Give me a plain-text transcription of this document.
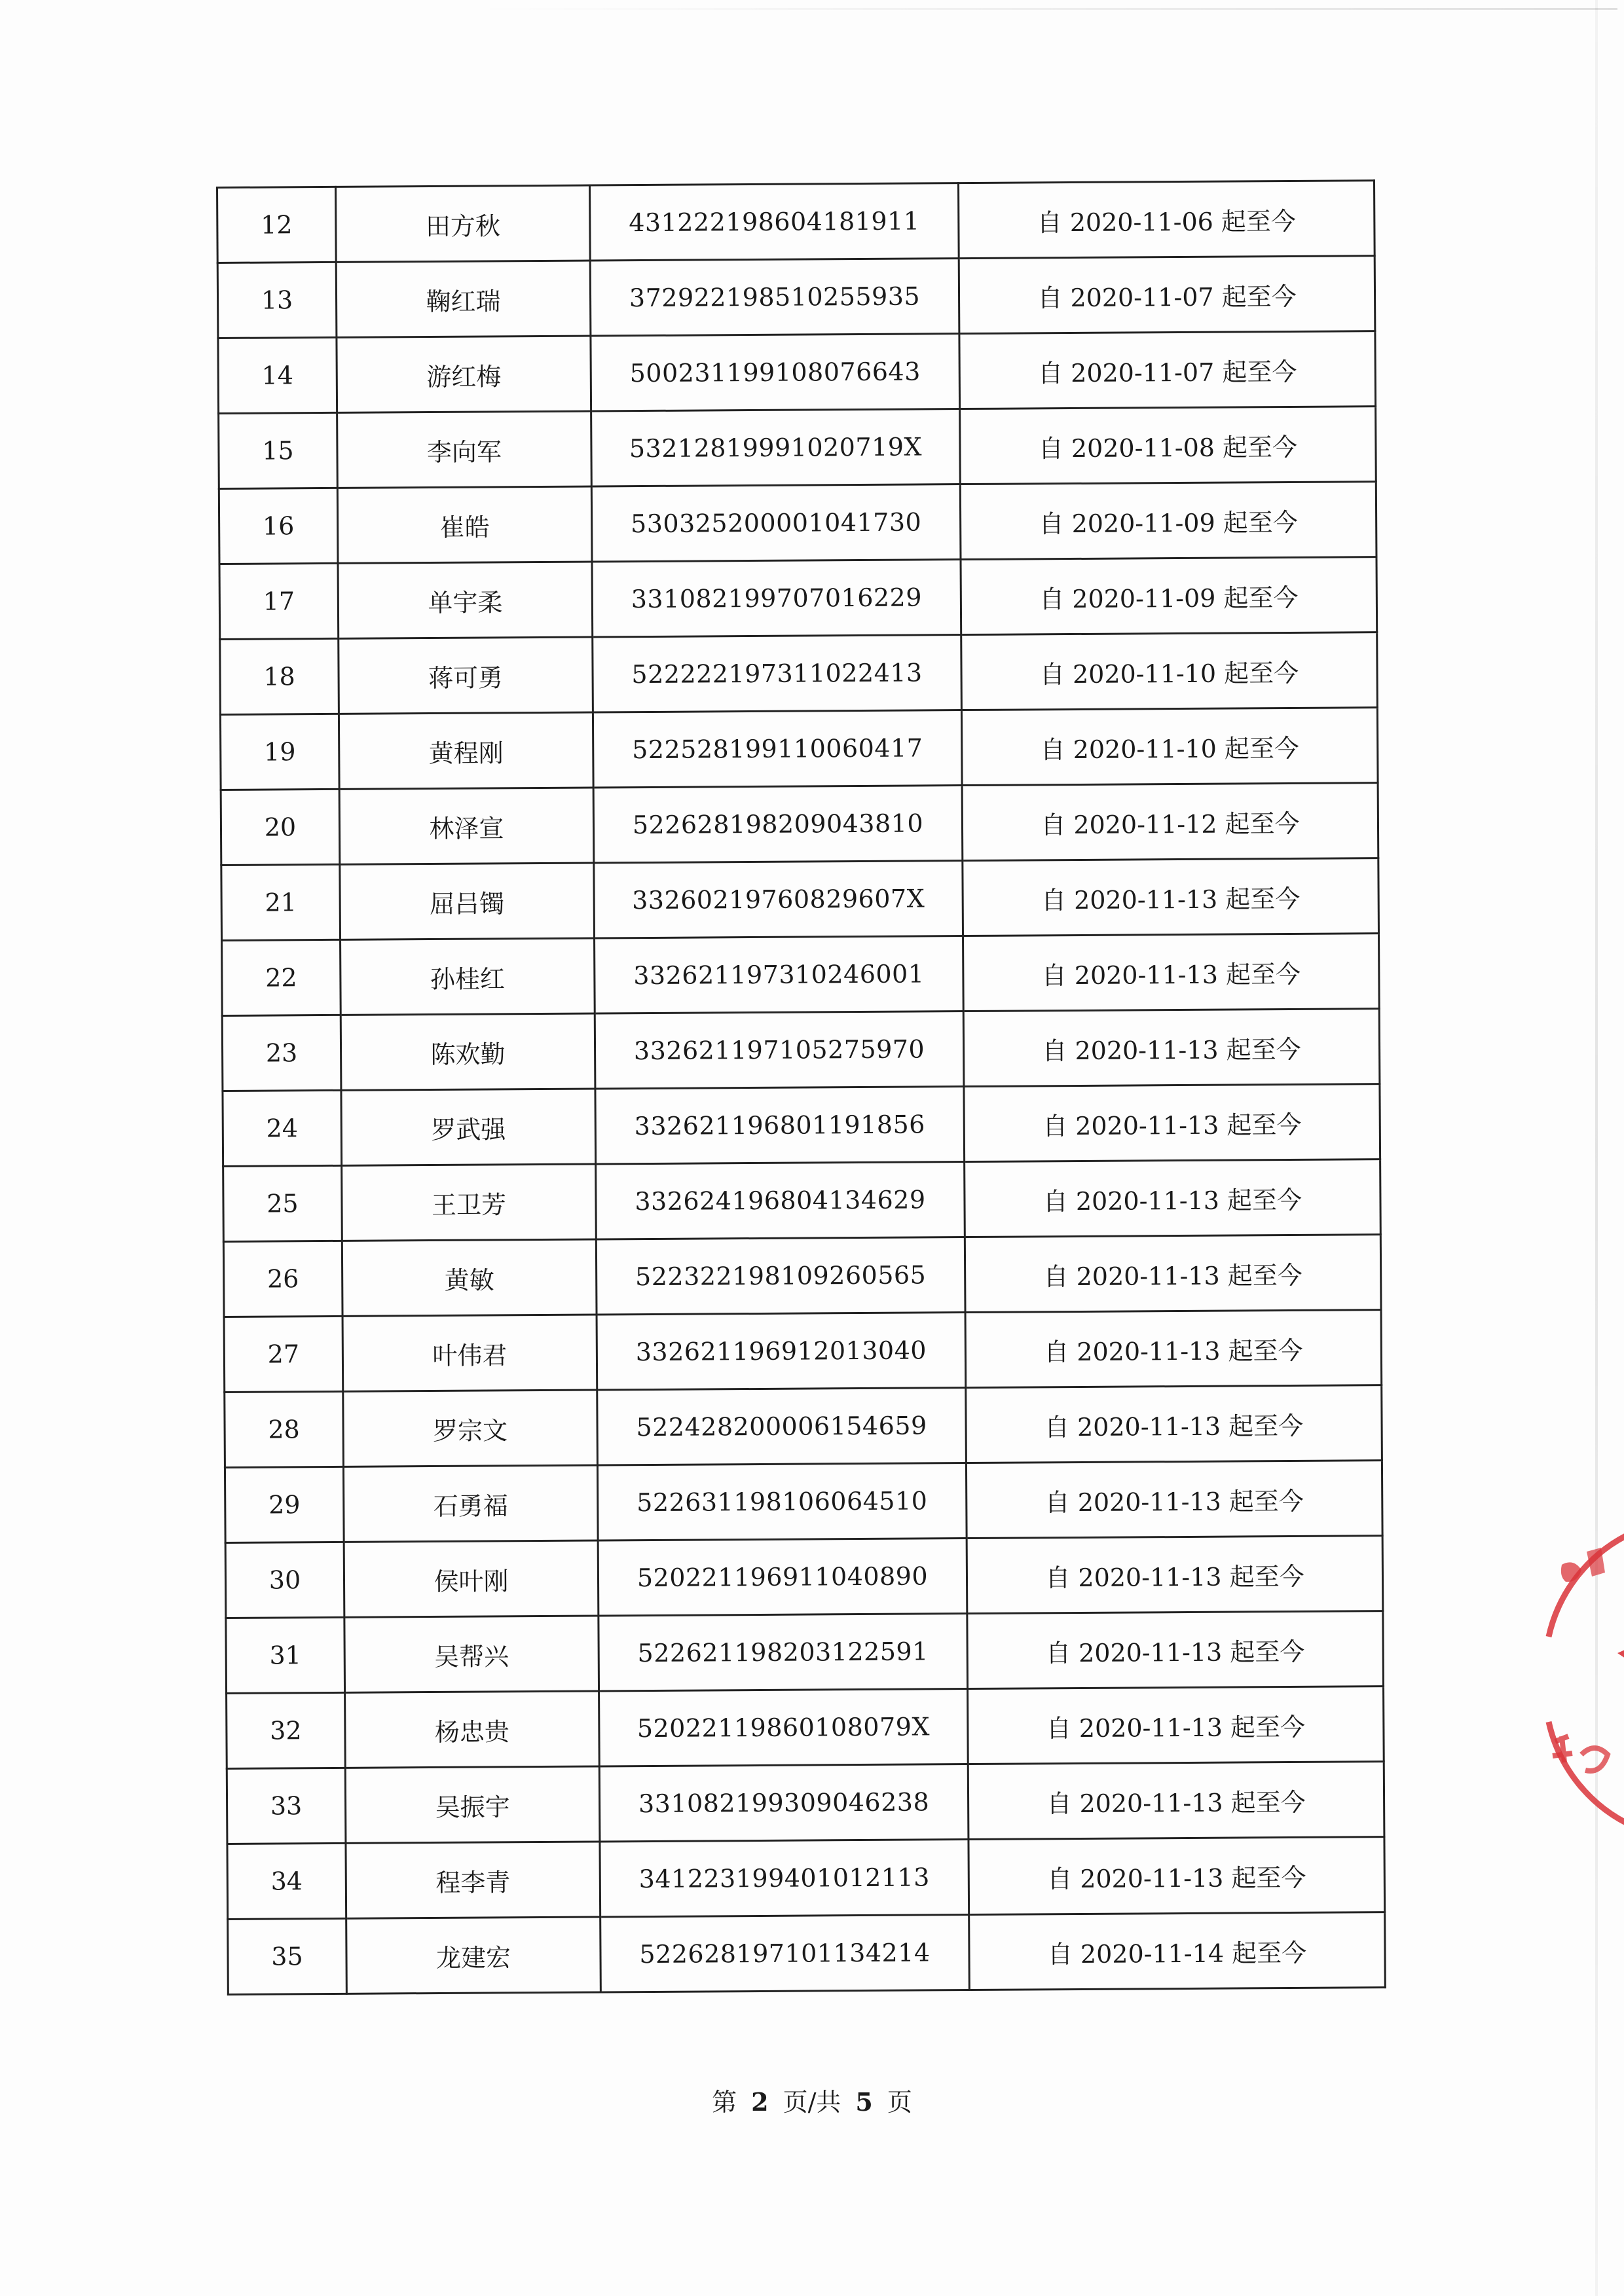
12	田方秋	431222198604181911	自 2020-11-06 起至今
13	鞠红瑞	372922198510255935	自 2020-11-07 起至今
14	游红梅	500231199108076643	自 2020-11-07 起至今
15	李向军	53212819991020719X	自 2020-11-08 起至今
16	崔皓	530325200001041730	自 2020-11-09 起至今
17	单宇柔	331082199707016229	自 2020-11-09 起至今
18	蒋可勇	522222197311022413	自 2020-11-10 起至今
19	黄程刚	522528199110060417	自 2020-11-10 起至今
20	林泽宣	522628198209043810	自 2020-11-12 起至今
21	屈吕镯	33260219760829607X	自 2020-11-13 起至今
22	孙桂红	332621197310246001	自 2020-11-13 起至今
23	陈欢勤	332621197105275970	自 2020-11-13 起至今
24	罗武强	332621196801191856	自 2020-11-13 起至今
25	王卫芳	332624196804134629	自 2020-11-13 起至今
26	黄敏	522322198109260565	自 2020-11-13 起至今
27	叶伟君	332621196912013040	自 2020-11-13 起至今
28	罗宗文	522428200006154659	自 2020-11-13 起至今
29	石勇福	522631198106064510	自 2020-11-13 起至今
30	侯叶刚	520221196911040890	自 2020-11-13 起至今
31	吴帮兴	522621198203122591	自 2020-11-13 起至今
32	杨忠贵	52022119860108079X	自 2020-11-13 起至今
33	吴振宇	331082199309046238	自 2020-11-13 起至今
34	程李青	341223199401012113	自 2020-11-13 起至今
35	龙建宏	522628197101134214	自 2020-11-14 起至今
第 2 页/共 5 页
